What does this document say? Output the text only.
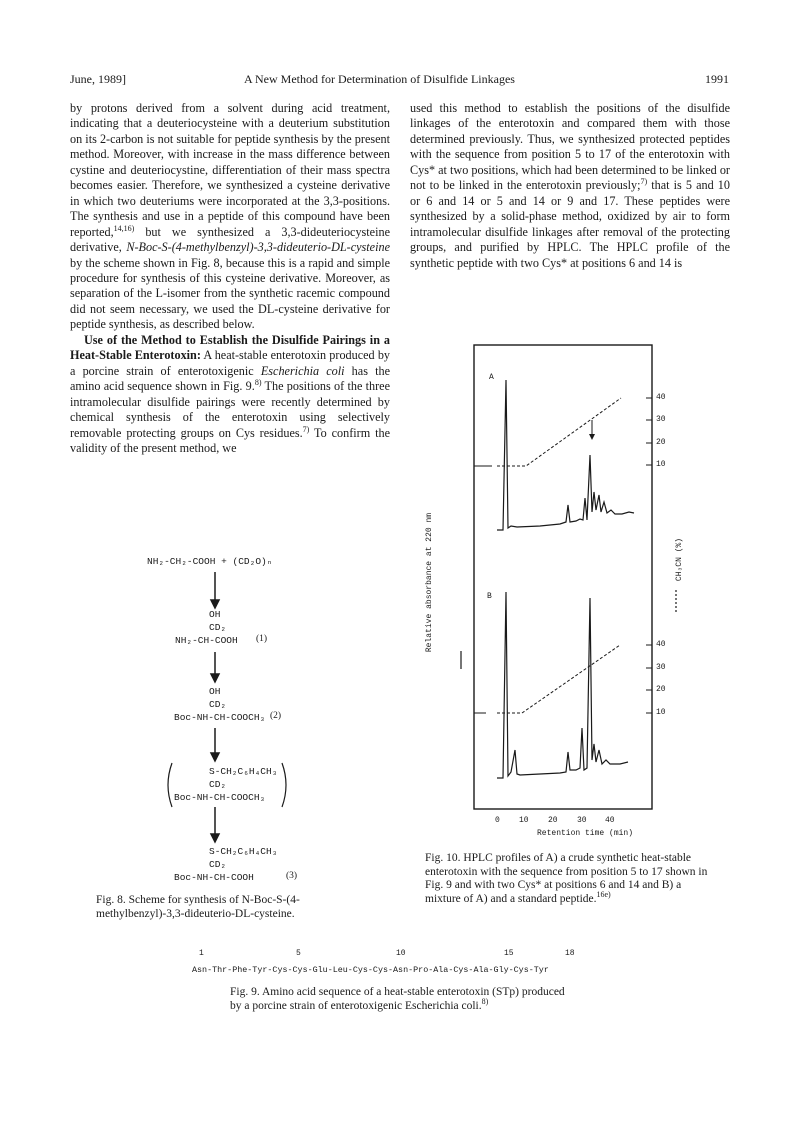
June, 1989]	A New Method for Determination of Disulfide Linkages	1991

by protons derived from a solvent during acid treatment, indicating that a deuteriocysteine with a deuterium substitution on its 2-carbon is not suitable for peptide synthesis by the present method. Moreover, with increase in the mass difference between cystine and deuteriocystine, differentiation of their mass spectra becomes easier. Therefore, we synthesized a cysteine derivative in which two deuteriums were incorporated at the 3,3-positions. The synthesis and use in a peptide of this compound have been reported,$^{14,16)}$ but we synthesized a 3,3-dideuteriocysteine derivative, N-Boc-S-(4-methylbenzyl)-3,3-dideuterio-DL-cysteine by the scheme shown in Fig. 8, because this is a rapid and simple procedure for synthesis of this cysteine derivative. Moreover, as separation of the L-isomer from the synthetic racemic compound did not seem necessary, we used the DL-cysteine derivative for peptide synthesis, as described below.

Use of the Method to Establish the Disulfide Pairings in a Heat-Stable Enterotoxin: A heat-stable enterotoxin produced by a porcine strain of enterotoxigenic Escherichia coli has the amino acid sequence shown in Fig. 9.$^{8)}$ The positions of the three intramolecular disulfide pairings were recently determined by chemical synthesis of the enterotoxin using selectively removable protecting groups on Cys residues.$^{7)}$ To confirm the validity of the present method, we

used this method to establish the positions of the disulfide linkages of the enterotoxin and compared them with those determined previously. Thus, we synthesized protected peptides with the sequence from position 5 to 17 of the enterotoxin with Cys* at two positions, which had been determined to be linked or not to be linked in the enterotoxin previously;$^{7)}$ that is 5 and 10 or 6 and 14 or 5 and 14 or 9 and 17. These peptides were synthesized by a solid-phase method, oxidized by air to form intramolecular disulfide linkages after removal of the protecting groups, and purified by HPLC. The HPLC profile of the synthetic peptide with two Cys* at positions 6 and 14 is

NH₂-CH₂-COOH + (CD₂O)ₙ
OH
CD₂
NH₂-CH-COOH (1)
OH
CD₂
Boc-NH-CH-COOCH₃ (2)
S-CH₂C₆H₄CH₃
CD₂
Boc-NH-CH-COOCH₃
S-CH₂C₆H₄CH₃
CD₂
Boc-NH-CH-COOH	(3)
Fig. 8. Scheme for synthesis of N-Boc-S-(4-methylbenzyl)-3,3-dideuterio-DL-cysteine.
A
B
Relative absorbance at 220 nm	CH₃CN (%)
40
30
20
10
40
30
20
10
0 10 20 30 40
Retention time (min)
Fig. 10. HPLC profiles of A) a crude synthetic heat-stable enterotoxin with the sequence from position 5 to 17 shown in Fig. 9 and with two Cys* at positions 6 and 14 and B) a mixture of A) and a standard peptide.$^{16e)}$
1	5	10	15	18
Asn-Thr-Phe-Tyr-Cys-Cys-Glu-Leu-Cys-Cys-Asn-Pro-Ala-Cys-Ala-Gly-Cys-Tyr
Fig. 9. Amino acid sequence of a heat-stable enterotoxin (STp) produced by a porcine strain of enterotoxigenic Escherichia coli.$^{8)}$
